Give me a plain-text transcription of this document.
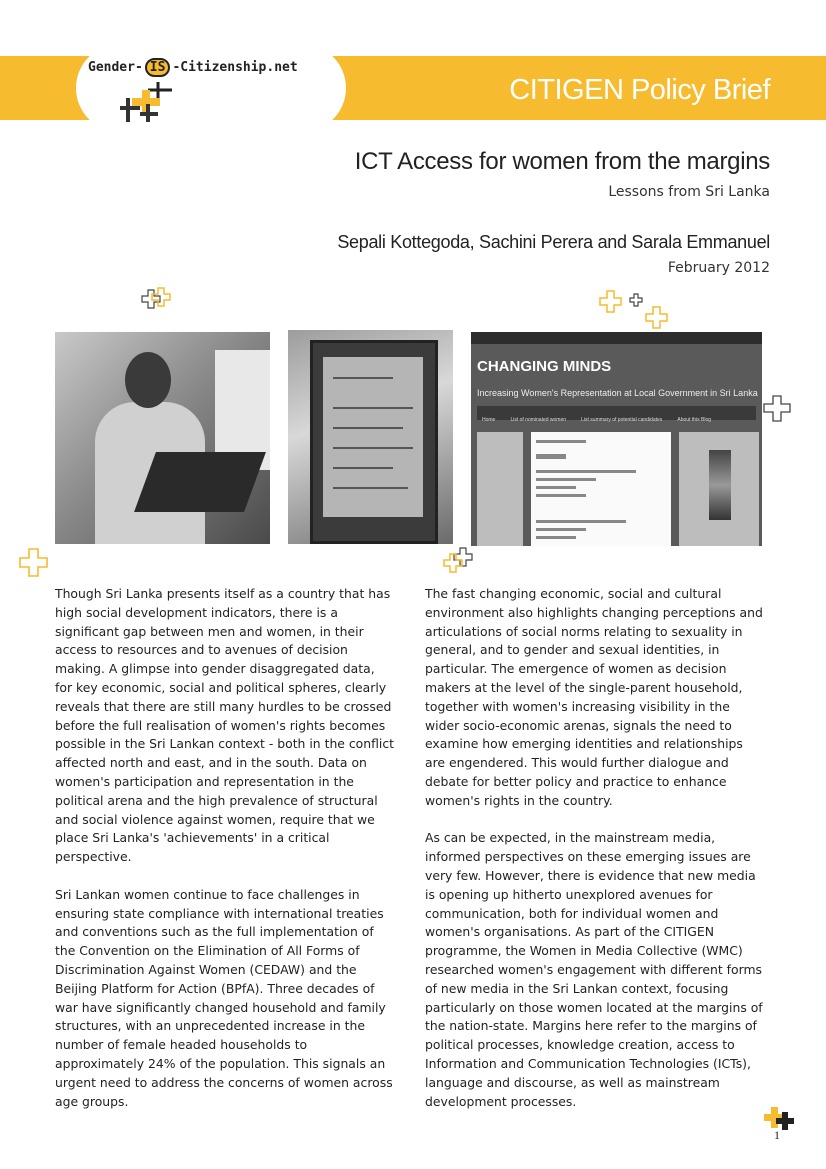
Gender- IS -Citizenship.net
CITIGEN Policy Brief
ICT Access for women from the margins
Lessons from Sri Lanka
Sepali Kottegoda, Sachini Perera and Sarala Emmanuel
February 2012
CHANGING MINDS
Increasing Women's Representation at Local Government in Sri Lanka
Home	List of nominated women	List summary of potential candidates	About this Blog

Though Sri Lanka presents itself as a country that has high social development indicators, there is a significant gap between men and women, in their access to resources and to avenues of decision making. A glimpse into gender disaggregated data, for key economic, social and political spheres, clearly reveals that there are still many hurdles to be crossed before the full realisation of women's rights becomes possible in the Sri Lankan context - both in the conflict affected north and east, and in the south. Data on women's participation and representation in the political arena and the high prevalence of structural and social violence against women, require that we place Sri Lanka's 'achievements' in a critical perspective.

Sri Lankan women continue to face challenges in ensuring state compliance with international treaties and conventions such as the full implementation of the Convention on the Elimination of All Forms of Discrimination Against Women (CEDAW) and the Beijing Platform for Action (BPfA). Three decades of war have significantly changed household and family structures, with an unprecedented increase in the number of female headed households to approximately 24% of the population. This signals an urgent need to address the concerns of women across age groups.

The fast changing economic, social and cultural environment also highlights changing perceptions and articulations of social norms relating to sexuality in general, and to gender and sexual identities, in particular. The emergence of women as decision makers at the level of the single-parent household, together with women's increasing visibility in the wider socio-economic arenas, signals the need to examine how emerging identities and relationships are engendered. This would further dialogue and debate for better policy and practice to enhance women's rights in the country.

As can be expected, in the mainstream media, informed perspectives on these emerging issues are very few. However, there is evidence that new media is opening up hitherto unexplored avenues for communication, both for individual women and women's organisations. As part of the CITIGEN programme, the Women in Media Collective (WMC) researched women's engagement with different forms of new media in the Sri Lankan context, focusing particularly on those women located at the margins of the nation-state. Margins here refer to the margins of political processes, knowledge creation, access to Information and Communication Technologies (ICTs), language and discourse, as well as mainstream development processes.

1
